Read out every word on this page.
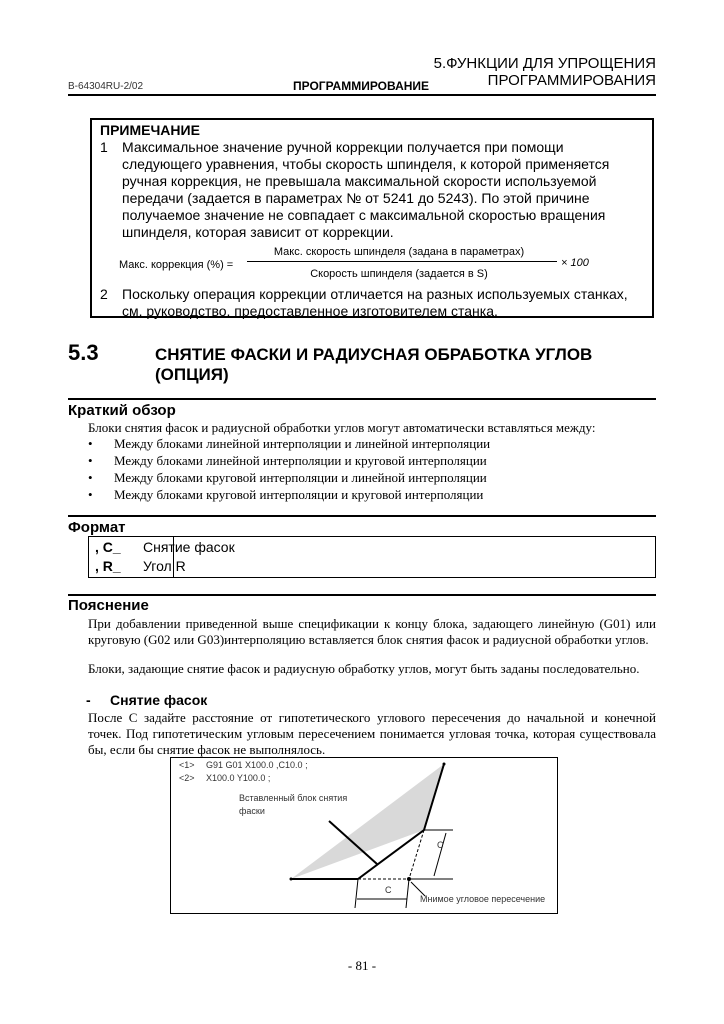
B-64304RU-2/02	ПРОГРАММИРОВАНИЕ
5.ФУНКЦИИ ДЛЯ УПРОЩЕНИЯ
ПРОГРАММИРОВАНИЯ
ПРИМЕЧАНИЕ
1 Максимальное значение ручной коррекции получается при помощи следующего уравнения, чтобы скорость шпинделя, к которой применяется ручная коррекция, не превышала максимальной скорости используемой передачи (задается в параметрах № от 5241 до 5243). По этой причине получаемое значение не совпадает с максимальной скоростью вращения шпинделя, которая зависит от коррекции.
Макс. коррекция (%) =
Макс. скорость шпинделя (задана в параметрах)
Скорость шпинделя (задается в S)
× 100
2 Поскольку операция коррекции отличается на разных используемых станках, см. руководство, предоставленное изготовителем станка.
5.3	СНЯТИЕ ФАСКИ И РАДИУСНАЯ ОБРАБОТКА УГЛОВ (ОПЦИЯ)
Краткий обзор
Блоки снятия фасок и радиусной обработки углов могут автоматически вставляться между:
• Между блоками линейной интерполяции и линейной интерполяции
• Между блоками линейной интерполяции и круговой интерполяции
• Между блоками круговой интерполяции и линейной интерполяции
• Между блоками круговой интерполяции и круговой интерполяции
Формат
, C_ Снятие фасок
, R_ Угол R
Пояснение
При добавлении приведенной выше спецификации к концу блока, задающего линейную (G01) или круговую (G02 или G03)интерполяцию вставляется блок снятия фасок и радиусной обработки углов.
Блоки, задающие снятие фасок и радиусную обработку углов, могут быть заданы последовательно.
- Снятие фасок
После С задайте расстояние от гипотетического углового пересечения до начальной и конечной точек. Под гипотетическим угловым пересечением понимается угловая точка, которая существовала бы, если бы снятие фасок не выполнялось.
<1> G91 G01 X100.0 ,C10.0 ;
<2> X100.0 Y100.0 ;
Вставленный блок снятия фаски
C
C
Мнимое угловое пересечение
- 81 -
